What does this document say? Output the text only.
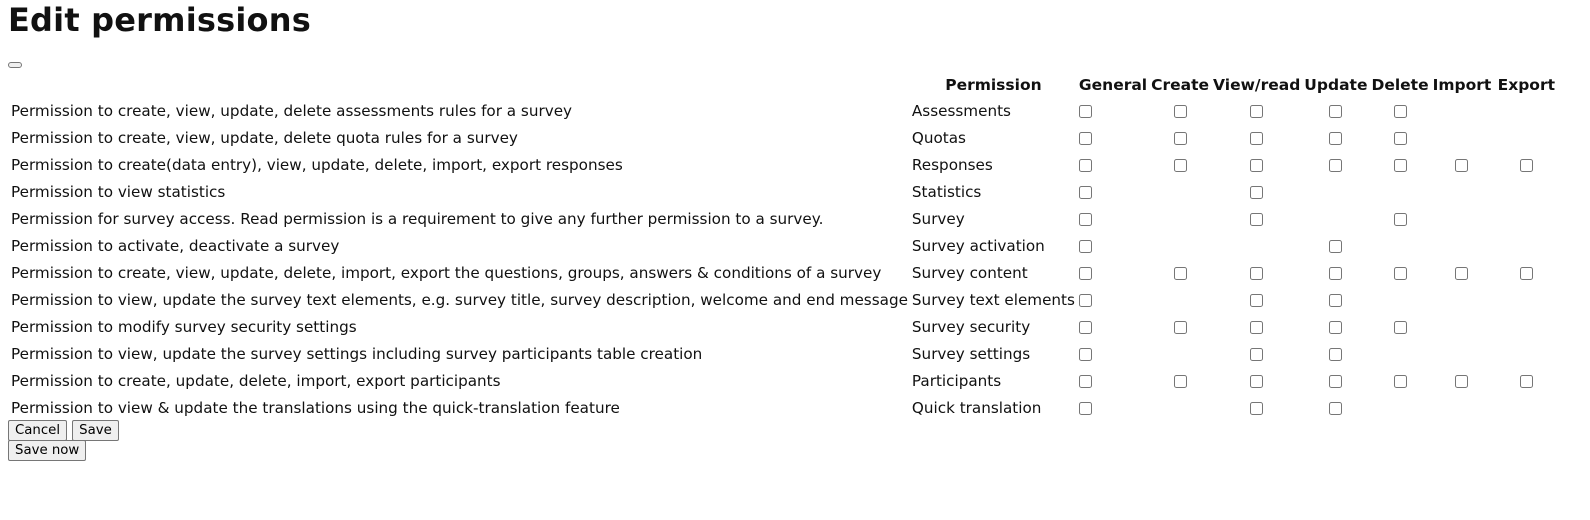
Edit permissions
	Permission	General	Create	View/read	Update	Delete	Import	Export
Permission to create, view, update, delete assessments rules for a survey	Assessments							
Permission to create, view, update, delete quota rules for a survey	Quotas							
Permission to create(data entry), view, update, delete, import, export responses	Responses							
Permission to view statistics	Statistics							
Permission for survey access. Read permission is a requirement to give any further permission to a survey.	Survey							
Permission to activate, deactivate a survey	Survey activation							
Permission to create, view, update, delete, import, export the questions, groups, answers & conditions of a survey	Survey content							
Permission to view, update the survey text elements, e.g. survey title, survey description, welcome and end message	Survey text elements							
Permission to modify survey security settings	Survey security							
Permission to view, update the survey settings including survey participants table creation	Survey settings							
Permission to create, update, delete, import, export participants	Participants							
Permission to view & update the translations using the quick-translation feature	Quick translation							
Cancel Save
Save now
